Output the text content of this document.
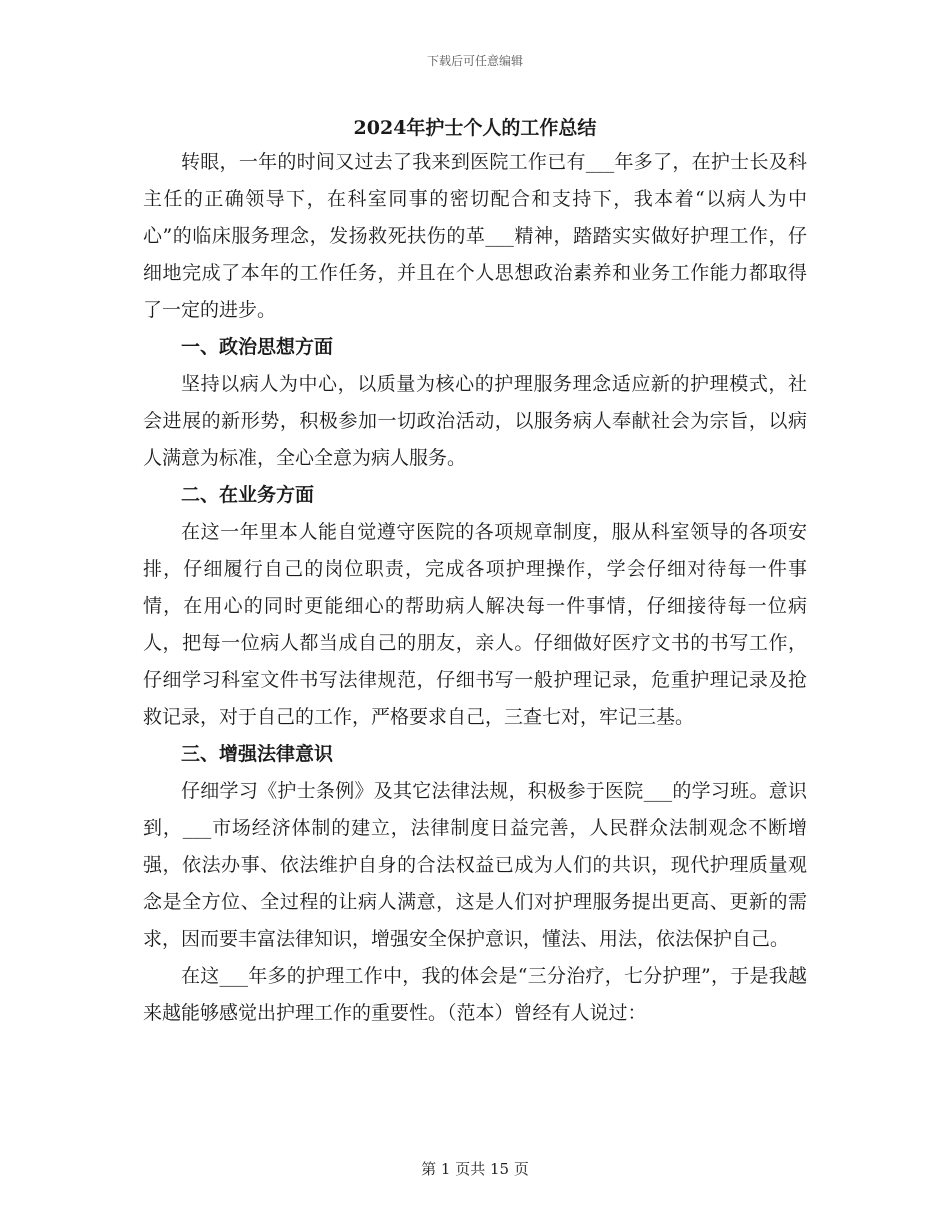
下载后可任意编辑
2024年护士个人的工作总结

转眼，一年的时间又过去了我来到医院工作已有___年多了，在护士长及科主任的正确领导下，在科室同事的密切配合和支持下，我本着“以病人为中心”的临床服务理念，发扬救死扶伤的革___精神，踏踏实实做好护理工作，仔细地完成了本年的工作任务，并且在个人思想政治素养和业务工作能力都取得了一定的进步。

一、政治思想方面

坚持以病人为中心，以质量为核心的护理服务理念适应新的护理模式，社会进展的新形势，积极参加一切政治活动，以服务病人奉献社会为宗旨，以病人满意为标准，全心全意为病人服务。

二、在业务方面

在这一年里本人能自觉遵守医院的各项规章制度，服从科室领导的各项安排，仔细履行自己的岗位职责，完成各项护理操作，学会仔细对待每一件事情，在用心的同时更能细心的帮助病人解决每一件事情，仔细接待每一位病人，把每一位病人都当成自己的朋友，亲人。仔细做好医疗文书的书写工作，仔细学习科室文件书写法律规范，仔细书写一般护理记录，危重护理记录及抢救记录，对于自己的工作，严格要求自己，三查七对，牢记三基。

三、增强法律意识

仔细学习《护士条例》及其它法律法规，积极参于医院___的学习班。意识到，___市场经济体制的建立，法律制度日益完善，人民群众法制观念不断增强，依法办事、依法维护自身的合法权益已成为人们的共识，现代护理质量观念是全方位、全过程的让病人满意，这是人们对护理服务提出更高、更新的需求，因而要丰富法律知识，增强安全保护意识，懂法、用法，依法保护自己。

在这___年多的护理工作中，我的体会是“三分治疗，七分护理”，于是我越来越能够感觉出护理工作的重要性。（范本）曾经有人说过：

第 1 页共 15 页
